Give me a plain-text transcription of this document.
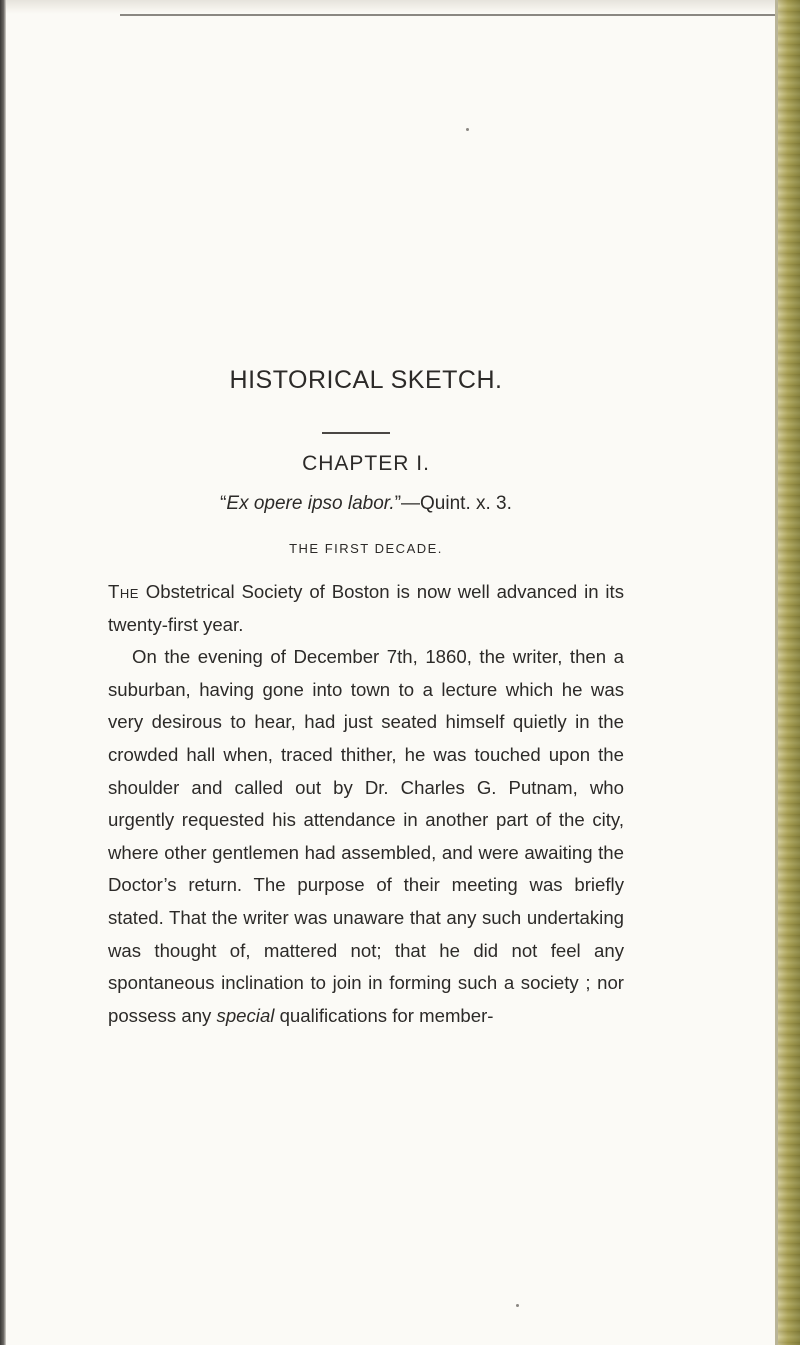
HISTORICAL SKETCH.
CHAPTER I.
“Ex opere ipso labor.”—Quint. x. 3.
THE FIRST DECADE.

The Obstetrical Society of Boston is now well advanced in its twenty-first year.

On the evening of December 7th, 1860, the writer, then a suburban, having gone into town to a lecture which he was very desirous to hear, had just seated himself quietly in the crowded hall when, traced thither, he was touched upon the shoulder and called out by Dr. Charles G. Putnam, who urgently requested his attendance in another part of the city, where other gentlemen had assembled, and were awaiting the Doctor’s return. The purpose of their meeting was briefly stated. That the writer was unaware that any such undertaking was thought of, mattered not; that he did not feel any spontaneous inclination to join in forming such a society ; nor possess any special qualifications for member-
